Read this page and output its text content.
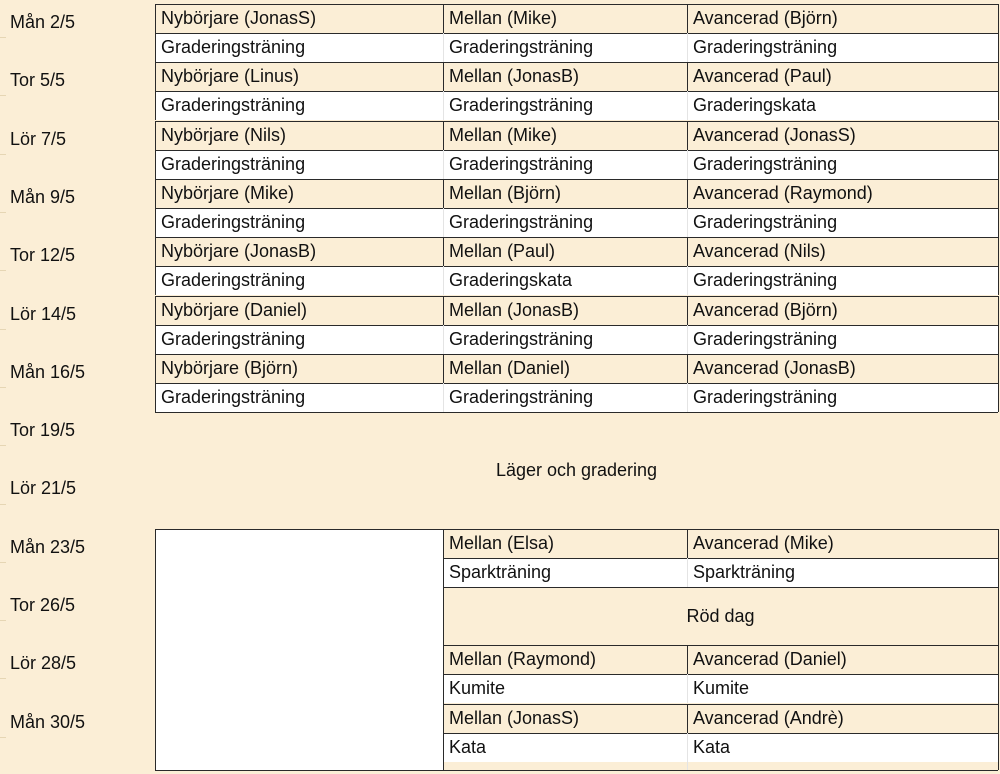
Mån 2/5
Tor 5/5
Lör 7/5
Mån 9/5
Tor 12/5
Lör 14/5
Mån 16/5
Tor 19/5
Lör 21/5
Mån 23/5
Tor 26/5
Lör 28/5
Mån 30/5
Nybörjare (JonasS)
Graderingsträning
Mellan (Mike)
Graderingsträning
Avancerad (Björn)
Graderingsträning
Nybörjare (Linus)
Graderingsträning
Mellan (JonasB)
Graderingsträning
Avancerad (Paul)
Graderingskata
Nybörjare (Nils)
Graderingsträning
Mellan (Mike)
Graderingsträning
Avancerad (JonasS)
Graderingsträning
Nybörjare (Mike)
Graderingsträning
Mellan (Björn)
Graderingsträning
Avancerad (Raymond)
Graderingsträning
Nybörjare (JonasB)
Graderingsträning
Mellan (Paul)
Graderingskata
Avancerad (Nils)
Graderingsträning
Nybörjare (Daniel)
Graderingsträning
Mellan (JonasB)
Graderingsträning
Avancerad (Björn)
Graderingsträning
Nybörjare (Björn)
Graderingsträning
Mellan (Daniel)
Graderingsträning
Avancerad (JonasB)
Graderingsträning
Mellan (Elsa)
Sparkträning
Avancerad (Mike)
Sparkträning
Mellan (Raymond)
Kumite
Avancerad (Daniel)
Kumite
Mellan (JonasS)
Kata
Avancerad (Andrè)
Kata
Läger och gradering
Röd dag
